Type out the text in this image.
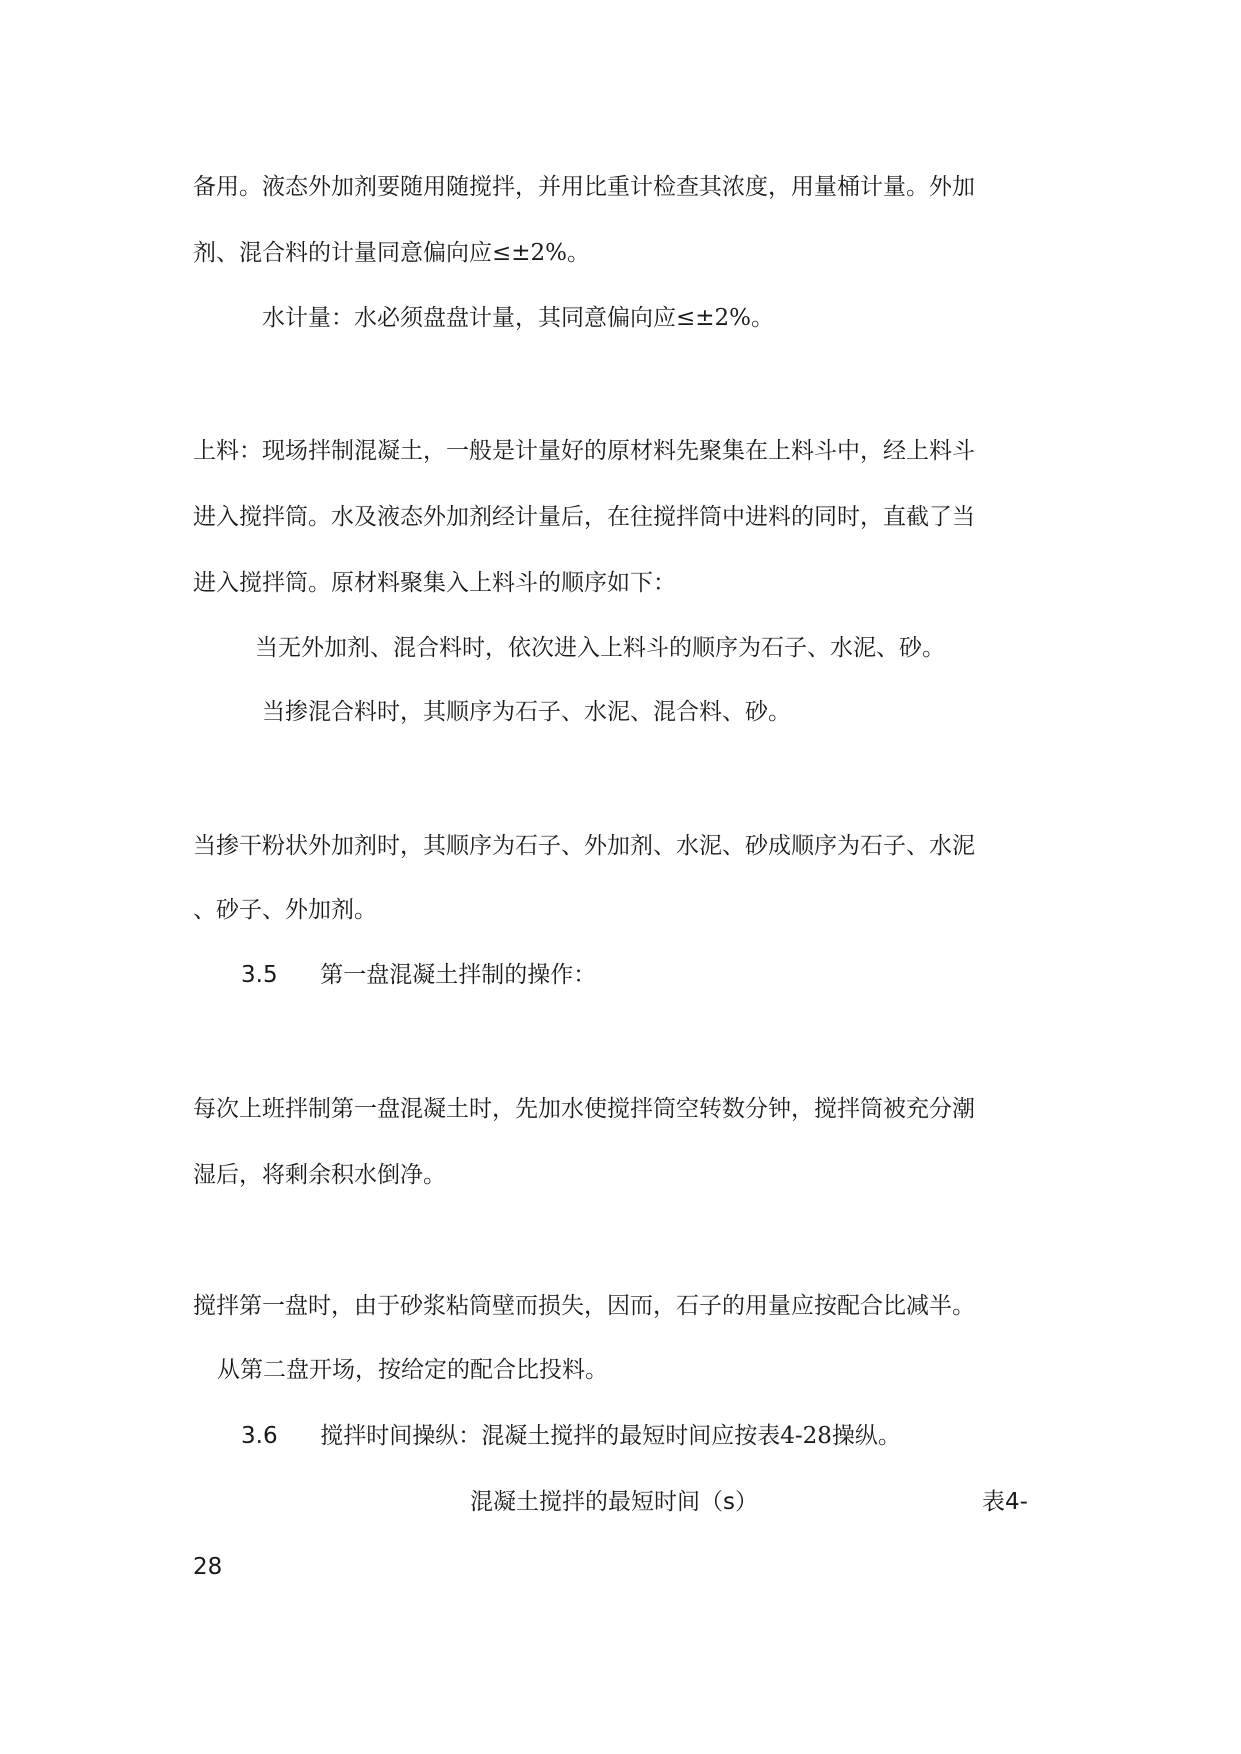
备用。液态外加剂要随用随搅拌，并用比重计检查其浓度，用量桶计量。外加

剂、混合料的计量同意偏向应≤±2%。

水计量：水必须盘盘计量，其同意偏向应≤±2%。

上料：现场拌制混凝土，一般是计量好的原材料先聚集在上料斗中，经上料斗

进入搅拌筒。水及液态外加剂经计量后，在往搅拌筒中进料的同时，直截了当

进入搅拌筒。原材料聚集入上料斗的顺序如下：

当无外加剂、混合料时，依次进入上料斗的顺序为石子、水泥、砂。

当掺混合料时，其顺序为石子、水泥、混合料、砂。

当掺干粉状外加剂时，其顺序为石子、外加剂、水泥、砂成顺序为石子、水泥

、砂子、外加剂。

3.5 第一盘混凝土拌制的操作：

每次上班拌制第一盘混凝土时，先加水使搅拌筒空转数分钟，搅拌筒被充分潮

湿后，将剩余积水倒净。

搅拌第一盘时，由于砂浆粘筒壁而损失，因而，石子的用量应按配合比减半。

从第二盘开场，按给定的配合比投料。

3.6 搅拌时间操纵：混凝土搅拌的最短时间应按表4-28操纵。

混凝土搅拌的最短时间（s）	表4-

28
